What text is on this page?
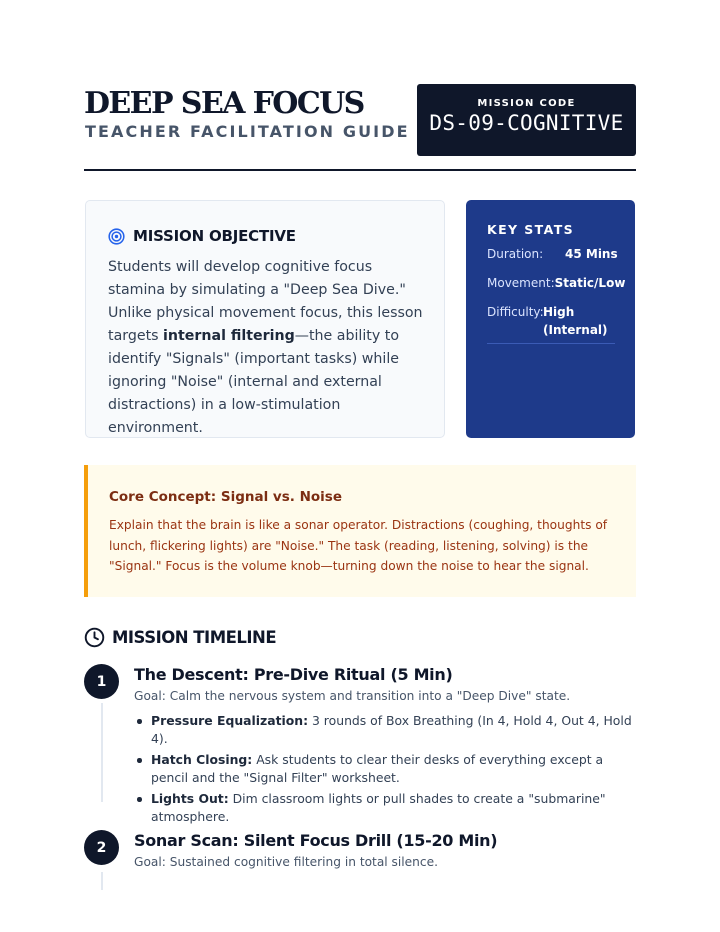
DEEP SEA FOCUS
TEACHER FACILITATION GUIDE
MISSION CODE
DS-09-COGNITIVE
MISSION OBJECTIVE
Students will develop cognitive focus stamina by simulating a "Deep Sea Dive." Unlike physical movement focus, this lesson targets internal filtering—the ability to identify "Signals" (important tasks) while ignoring "Noise" (internal and external distractions) in a low-stimulation environment.
KEY STATS
Duration: 45 Mins
Movement:Static/Low
Difficulty: High (Internal)
Core Concept: Signal vs. Noise
Explain that the brain is like a sonar operator. Distractions (coughing, thoughts of lunch, flickering lights) are "Noise." The task (reading, listening, solving) is the "Signal." Focus is the volume knob—turning down the noise to hear the signal.
MISSION TIMELINE
1	The Descent: Pre-Dive Ritual (5 Min)
Goal: Calm the nervous system and transition into a "Deep Dive" state.
Pressure Equalization: 3 rounds of Box Breathing (In 4, Hold 4, Out 4, Hold 4).
Hatch Closing: Ask students to clear their desks of everything except a pencil and the "Signal Filter" worksheet.
Lights Out: Dim classroom lights or pull shades to create a "submarine" atmosphere.
2	Sonar Scan: Silent Focus Drill (15-20 Min)
Goal: Sustained cognitive filtering in total silence.
